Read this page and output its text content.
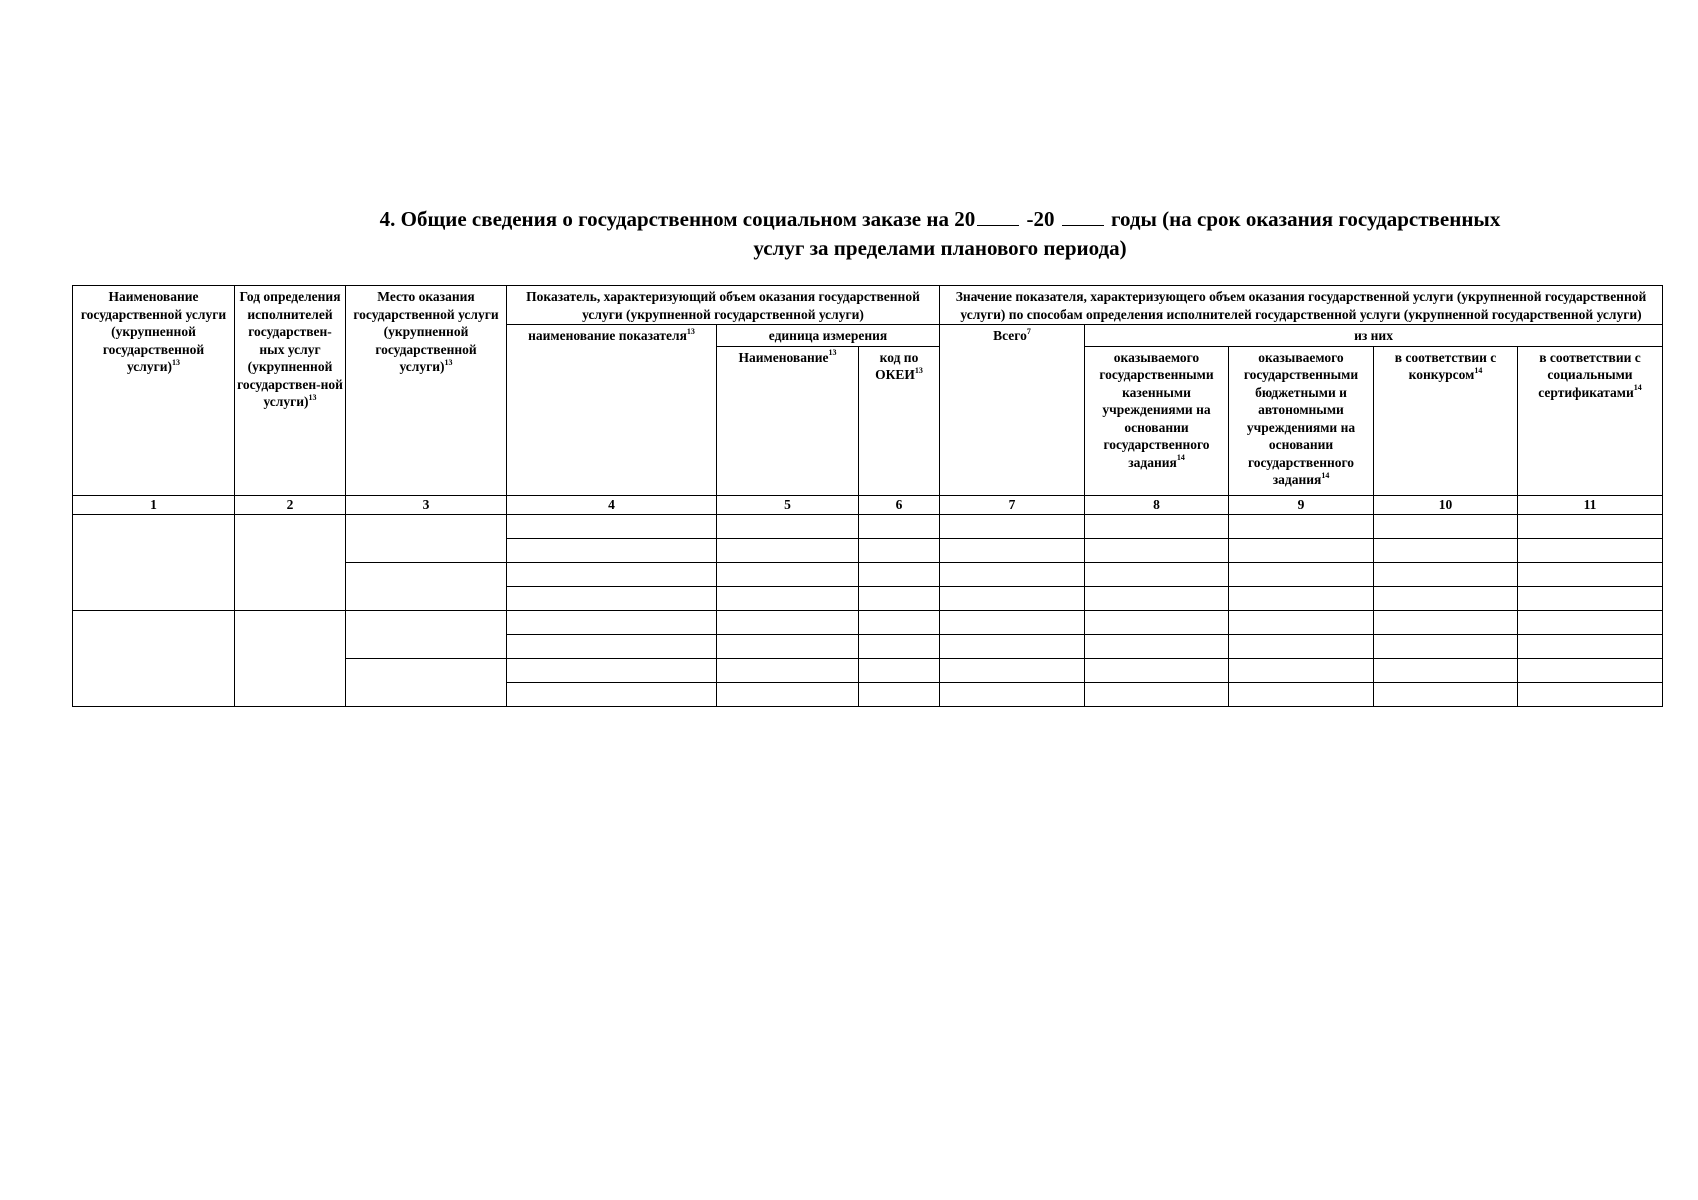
4. Общие сведения о государственном социальном заказе на 20 -20	годы (на срок оказания государственных
услуг за пределами планового периода)
Наименование государственной услуги (укрупненной государственной услуги)$^{13}$	Год определения исполнителей государствен-ных услуг (укрупненной государствен-ной услуги)$^{13}$	Место оказания государственной услуги (укрупненной государственной услуги)$^{13}$	Показатель, характеризующий объем оказания государственной услуги (укрупненной государственной услуги)			Значение показателя, характеризующего объем оказания государственной услуги (укрупненной государственной услуги) по способам определения исполнителей государственной услуги (укрупненной государственной услуги)				
			наименование показателя$^{13}$	единица измерения		Всего$^7$	из них			
				Наименование$^{13}$	код по ОКЕИ$^{13}$		оказываемого государственными казенными учреждениями на основании государственного задания$^{14}$	оказываемого государственными бюджетными и автономными учреждениями на основании государственного задания$^{14}$	в соответствии с конкурсом$^{14}$	в соответствии с социальными сертификатами$^{14}$
1	2	3	4	5	6	7	8	9	10	11
